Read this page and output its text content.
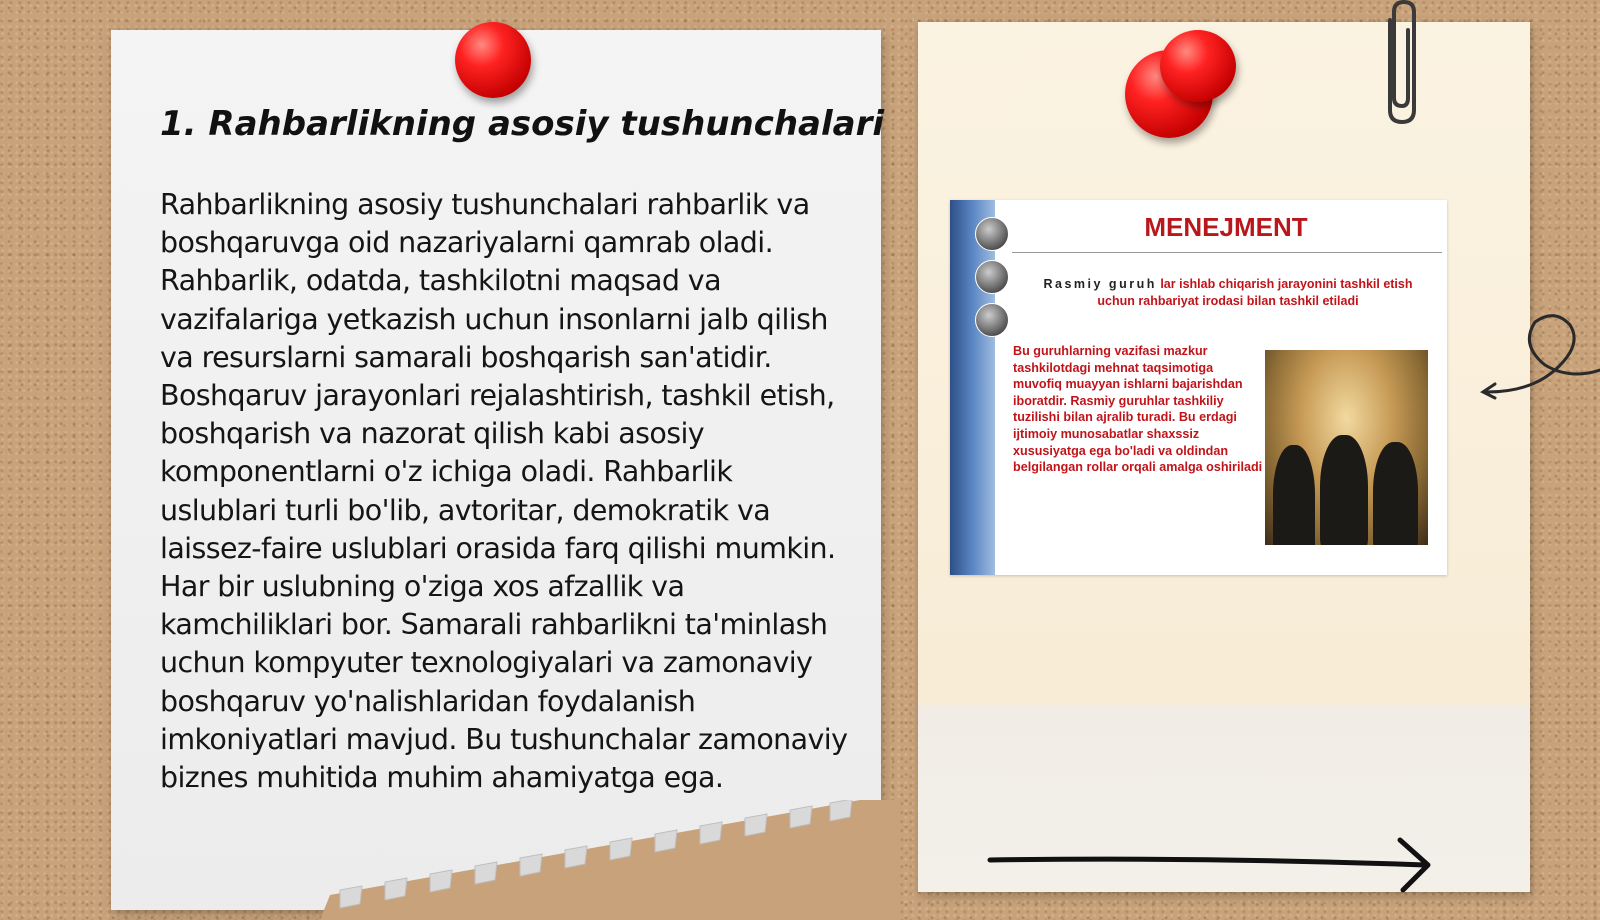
1. Rahbarlikning asosiy tushunchalari

Rahbarlikning asosiy tushunchalari rahbarlik va boshqaruvga oid nazariyalarni qamrab oladi. Rahbarlik, odatda, tashkilotni maqsad va vazifalariga yetkazish uchun insonlarni jalb qilish va resurslarni samarali boshqarish san'atidir. Boshqaruv jarayonlari rejalashtirish, tashkil etish, boshqarish va nazorat qilish kabi asosiy komponentlarni o'z ichiga oladi. Rahbarlik uslublari turli bo'lib, avtoritar, demokratik va laissez-faire uslublari orasida farq qilishi mumkin. Har bir uslubning o'ziga xos afzallik va kamchiliklari bor. Samarali rahbarlikni ta'minlash uchun kompyuter texnologiyalari va zamonaviy boshqaruv yo'nalishlaridan foydalanish imkoniyatlari mavjud. Bu tushunchalar zamonaviy biznes muhitida muhim ahamiyatga ega.

MENEJMENT
Rasmiy guruh lar ishlab chiqarish jarayonini tashkil etish uchun rahbariyat irodasi bilan tashkil etiladi
Bu guruhlarning vazifasi mazkur tashkilotdagi mehnat taqsimotiga muvofiq muayyan ishlarni bajarishdan iboratdir. Rasmiy guruhlar tashkiliy tuzilishi bilan ajralib turadi. Bu erdagi ijtimoiy munosabatlar shaxssiz xususiyatga ega bo'ladi va oldindan belgilangan rollar orqali amalga oshiriladi
